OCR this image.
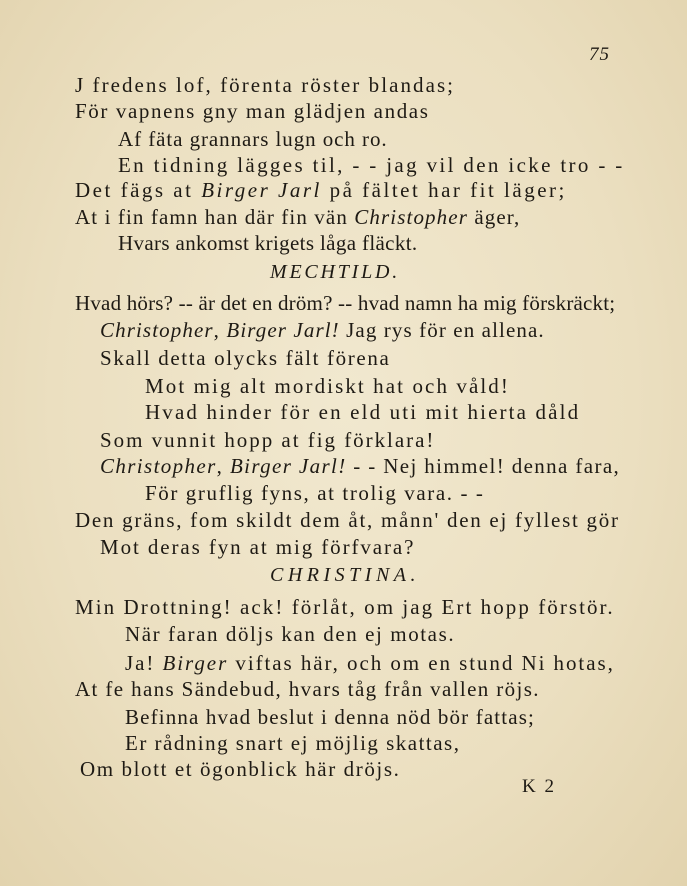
75
J fredens lof, förenta röster blandas;
För vapnens gny man glädjen andas
Af fäta grannars lugn och ro.
En tidning lägges til, - - jag vil den icke tro - -
Det fägs at Birger Jarl på fältet har fit läger;
At i fin famn han där fin vän Christopher äger,
Hvars ankomst krigets låga fläckt.
MECHTILD.
Hvad hörs? -- är det en dröm? -- hvad namn ha mig förskräckt;
Christopher, Birger Jarl! Jag rys för en allena.
Skall detta olycks fält förena
Mot mig alt mordiskt hat och våld!
Hvad hinder för en eld uti mit hierta dåld
Som vunnit hopp at fig förklara!
Christopher, Birger Jarl! - - Nej himmel! denna fara,
För gruflig fyns, at trolig vara. - -
Den gräns, fom skildt dem åt, månn' den ej fyllest gör
Mot deras fyn at mig förfvara?
CHRISTINA.
Min Drottning! ack! förlåt, om jag Ert hopp förstör.
När faran döljs kan den ej motas.
Ja! Birger viftas här, och om en stund Ni hotas,
At fe hans Sändebud, hvars tåg från vallen röjs.
Befinna hvad beslut i denna nöd bör fattas;
Er rådning snart ej möjlig skattas,
Om blott et ögonblick här dröjs.
K 2
